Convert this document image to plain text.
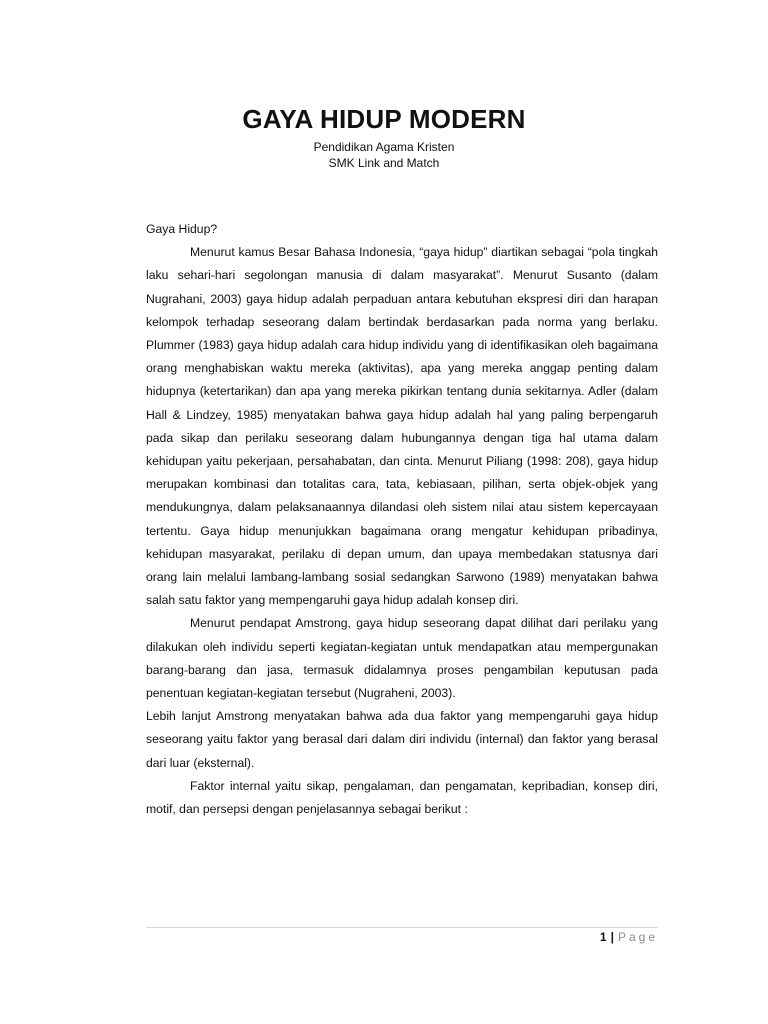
GAYA HIDUP MODERN
Pendidikan Agama Kristen
SMK Link and Match

Gaya Hidup?

Menurut kamus Besar Bahasa Indonesia, “gaya hidup” diartikan sebagai “pola tingkah laku sehari-hari segolongan manusia di dalam masyarakat”. Menurut Susanto (dalam Nugrahani, 2003) gaya hidup adalah perpaduan antara kebutuhan ekspresi diri dan harapan kelompok terhadap seseorang dalam bertindak berdasarkan pada norma yang berlaku. Plummer (1983) gaya hidup adalah cara hidup individu yang di identifikasikan oleh bagaimana orang menghabiskan waktu mereka (aktivitas), apa yang mereka anggap penting dalam hidupnya (ketertarikan) dan apa yang mereka pikirkan tentang dunia sekitarnya. Adler (dalam Hall & Lindzey, 1985) menyatakan bahwa gaya hidup adalah hal yang paling berpengaruh pada sikap dan perilaku seseorang dalam hubungannya dengan tiga hal utama dalam kehidupan yaitu pekerjaan, persahabatan, dan cinta. Menurut Piliang (1998: 208), gaya hidup merupakan kombinasi dan totalitas cara, tata, kebiasaan, pilihan, serta objek-objek yang mendukungnya, dalam pelaksanaannya dilandasi oleh sistem nilai atau sistem kepercayaan tertentu. Gaya hidup menunjukkan bagaimana orang mengatur kehidupan pribadinya, kehidupan masyarakat, perilaku di depan umum, dan upaya membedakan statusnya dari orang lain melalui lambang-lambang sosial sedangkan Sarwono (1989) menyatakan bahwa salah satu faktor yang mempengaruhi gaya hidup adalah konsep diri.

Menurut pendapat Amstrong, gaya hidup seseorang dapat dilihat dari perilaku yang dilakukan oleh individu seperti kegiatan-kegiatan untuk mendapatkan atau mempergunakan barang-barang dan jasa, termasuk didalamnya proses pengambilan keputusan pada penentuan kegiatan-kegiatan tersebut (Nugraheni, 2003).

Lebih lanjut Amstrong menyatakan bahwa ada dua faktor yang mempengaruhi gaya hidup seseorang yaitu faktor yang berasal dari dalam diri individu (internal) dan faktor yang berasal dari luar (eksternal).

Faktor internal yaitu sikap, pengalaman, dan pengamatan, kepribadian, konsep diri, motif, dan persepsi dengan penjelasannya sebagai berikut :

1 | Page
